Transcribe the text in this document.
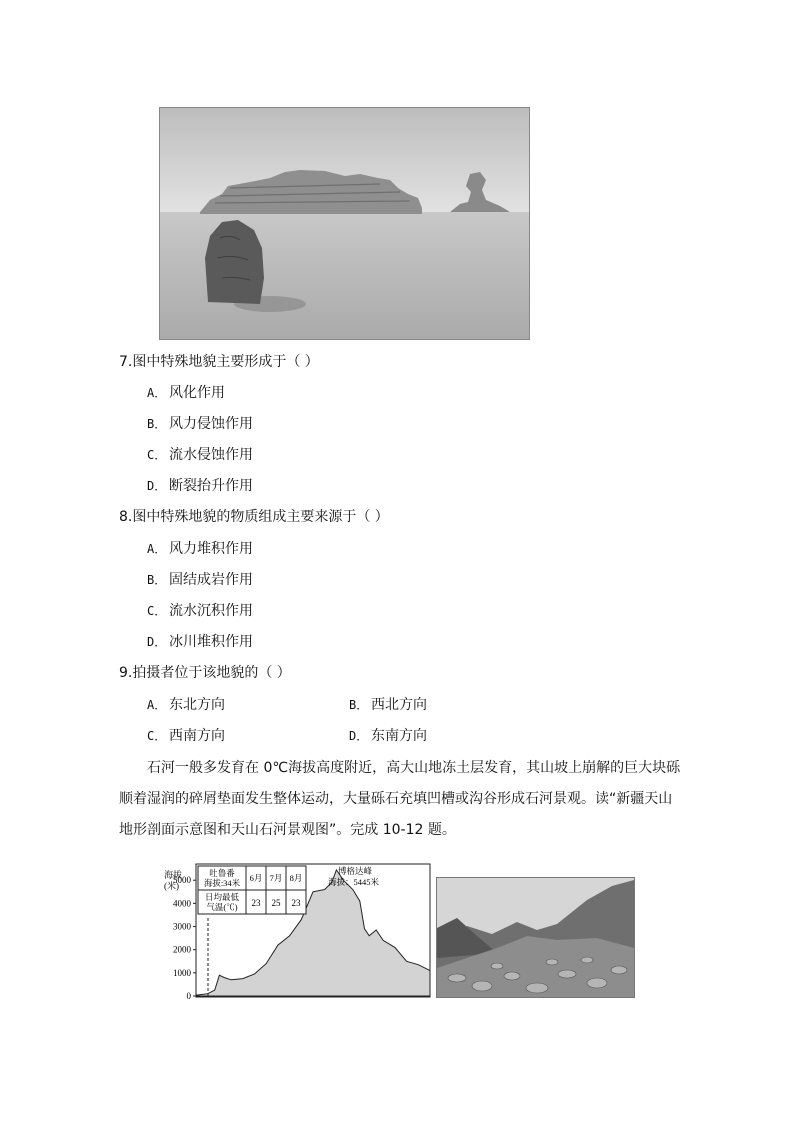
7.图中特殊地貌主要形成于（ ）
A． 风化作用
B． 风力侵蚀作用
C． 流水侵蚀作用
D． 断裂抬升作用
8.图中特殊地貌的物质组成主要来源于（ ）
A． 风力堆积作用
B． 固结成岩作用
C． 流水沉积作用
D． 冰川堆积作用
9.拍摄者位于该地貌的（ ）
A． 东北方向	B． 西北方向
C． 西南方向	D． 东南方向
石河一般多发育在 0℃海拔高度附近，高大山地冻土层发育，其山坡上崩解的巨大块砾
顺着湿润的碎屑垫面发生整体运动，大量砾石充填凹槽或沟谷形成石河景观。读“新疆天山
地形剖面示意图和天山石河景观图”。完成 10-12 题。
海拔
(米)
0
1000
2000
3000
4000
5000
吐鲁番
海拔:34米 6月 7月 8月
日均最低
气温(℃) 23 25 23
博格达峰
海拔：5445米
